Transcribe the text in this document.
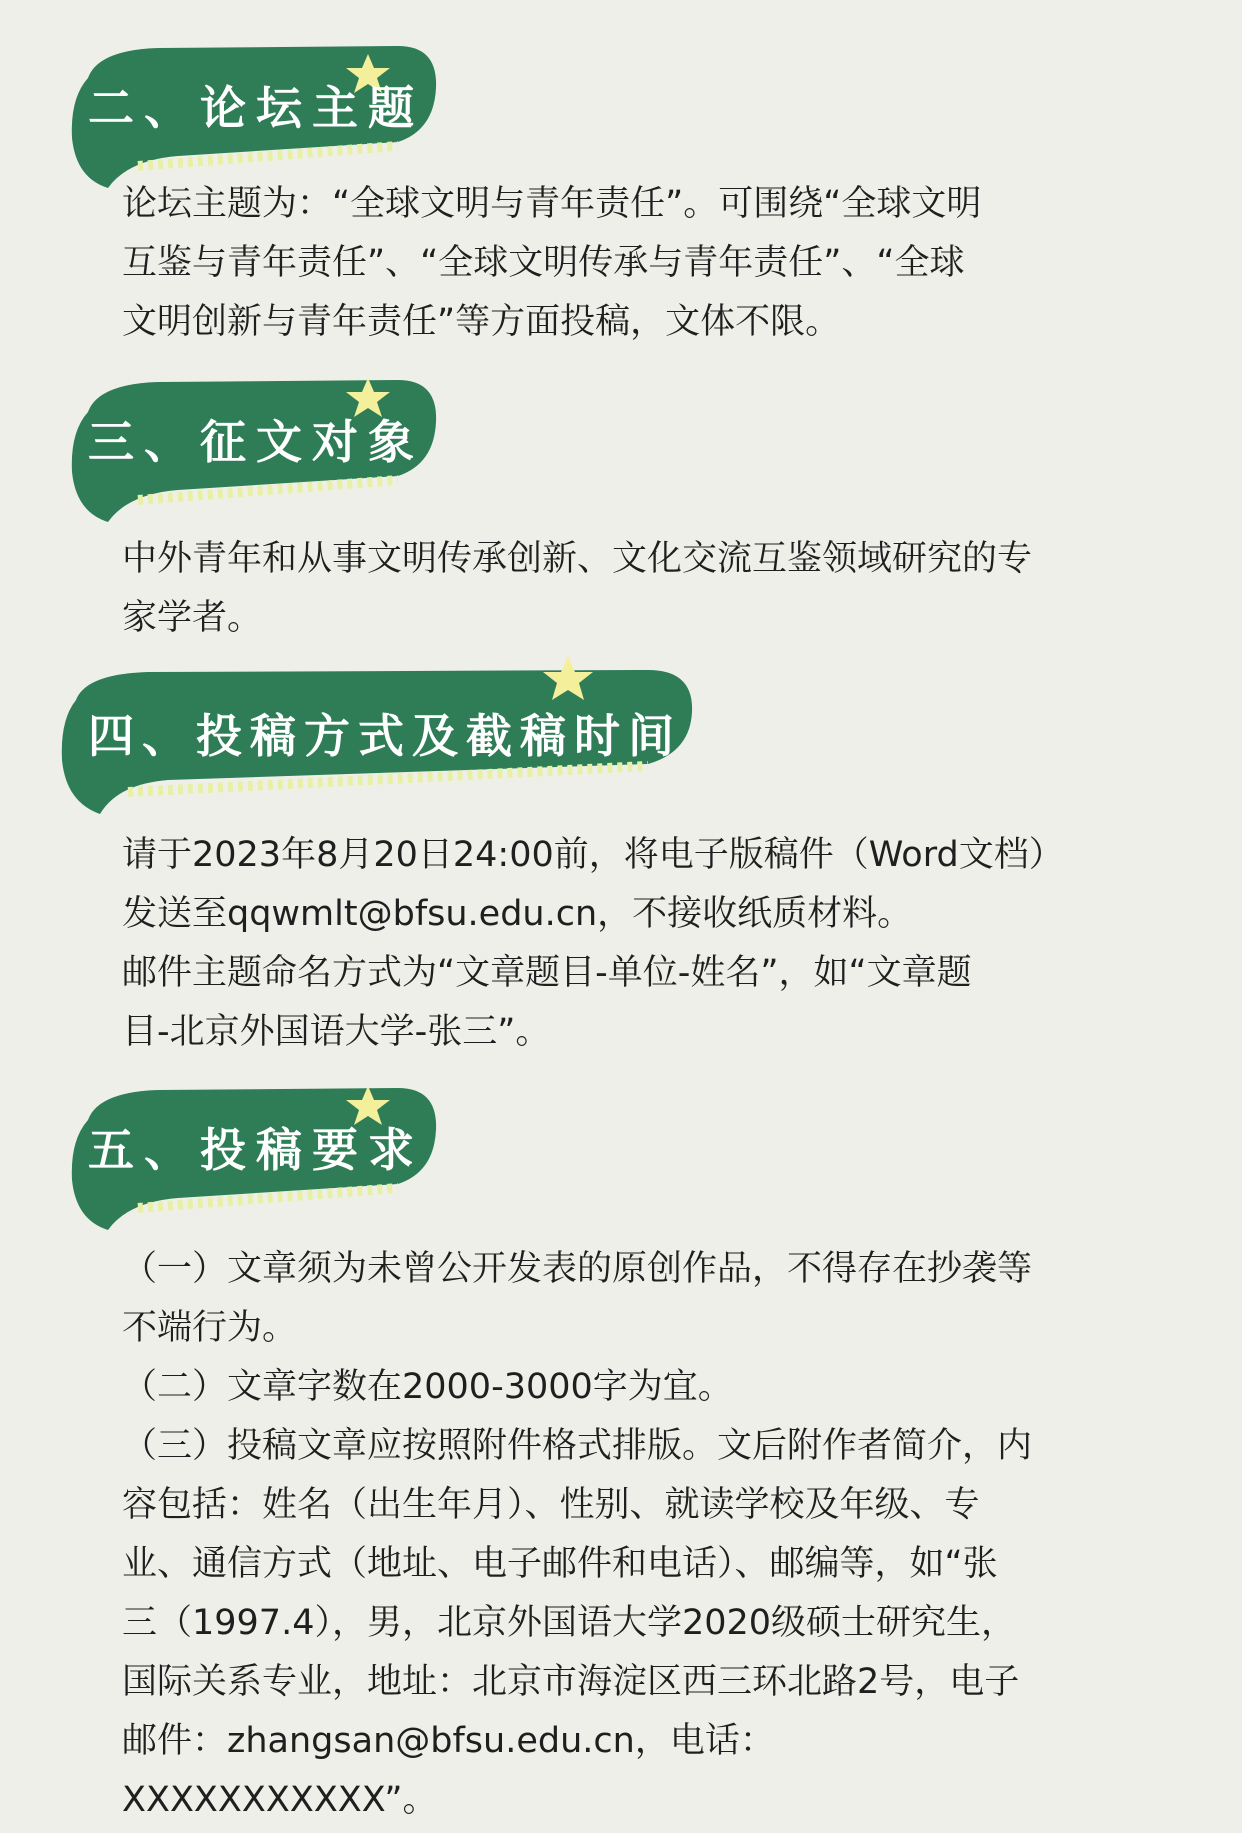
二、论坛主题
论坛主题为：“全球文明与青年责任”。可围绕“全球文明
互鉴与青年责任”、“全球文明传承与青年责任”、“全球
文明创新与青年责任”等方面投稿，文体不限。
三、征文对象
中外青年和从事文明传承创新、文化交流互鉴领域研究的专
家学者。
四、投稿方式及截稿时间
请于2023年8月20日24:00前，将电子版稿件（Word文档）
发送至qqwmlt@bfsu.edu.cn，不接收纸质材料。
邮件主题命名方式为“文章题目-单位-姓名”，如“文章题
目-北京外国语大学-张三”。
五、投稿要求
（一）文章须为未曾公开发表的原创作品，不得存在抄袭等
不端行为。
（二）文章字数在2000-3000字为宜。
（三）投稿文章应按照附件格式排版。文后附作者简介，内
容包括：姓名（出生年月）、性别、就读学校及年级、专
业、通信方式（地址、电子邮件和电话）、邮编等，如“张
三（1997.4），男，北京外国语大学2020级硕士研究生，
国际关系专业，地址：北京市海淀区西三环北路2号，电子
邮件：zhangsan@bfsu.edu.cn，电话：
XXXXXXXXXXX”。
